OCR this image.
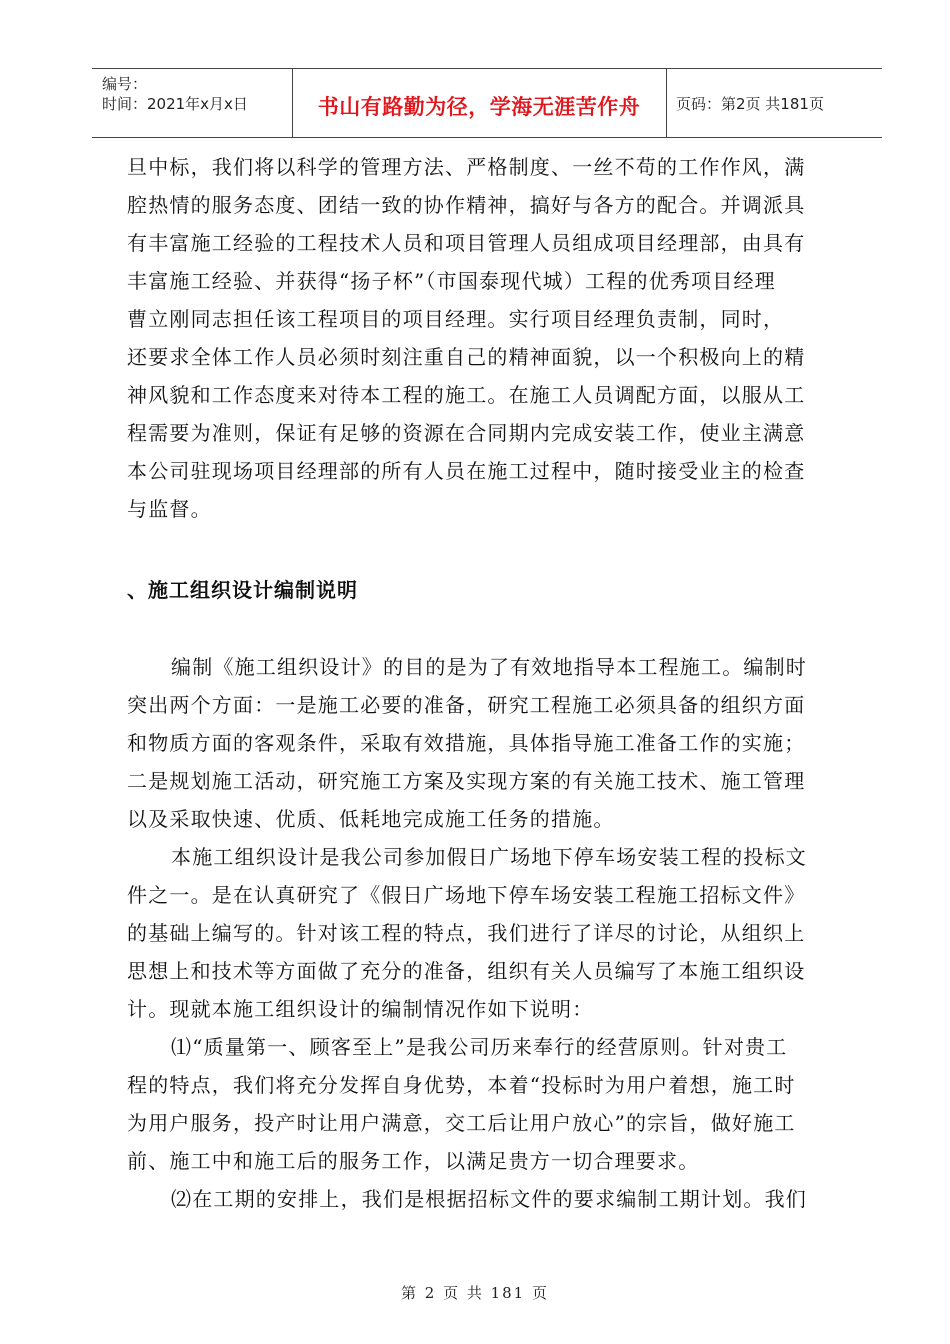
编号：
时间：2021年x月x日	书山有路勤为径，学海无涯苦作舟	页码：第2页 共181页
旦中标，我们将以科学的管理方法、严格制度、一丝不苟的工作作风，满
腔热情的服务态度、团结一致的协作精神，搞好与各方的配合。并调派具
有丰富施工经验的工程技术人员和项目管理人员组成项目经理部，由具有
丰富施工经验、并获得“扬子杯”（市国泰现代城）工程的优秀项目经理
曹立刚同志担任该工程项目的项目经理。实行项目经理负责制，同时，
还要求全体工作人员必须时刻注重自己的精神面貌，以一个积极向上的精
神风貌和工作态度来对待本工程的施工。在施工人员调配方面，以服从工
程需要为准则，保证有足够的资源在合同期内完成安装工作，使业主满意
本公司驻现场项目经理部的所有人员在施工过程中，随时接受业主的检查
与监督。
、施工组织设计编制说明
编制《施工组织设计》的目的是为了有效地指导本工程施工。编制时
突出两个方面：一是施工必要的准备，研究工程施工必须具备的组织方面
和物质方面的客观条件，采取有效措施，具体指导施工准备工作的实施；
二是规划施工活动，研究施工方案及实现方案的有关施工技术、施工管理
以及采取快速、优质、低耗地完成施工任务的措施。
本施工组织设计是我公司参加假日广场地下停车场安装工程的投标文
件之一。是在认真研究了《假日广场地下停车场安装工程施工招标文件》
的基础上编写的。针对该工程的特点，我们进行了详尽的讨论，从组织上
思想上和技术等方面做了充分的准备，组织有关人员编写了本施工组织设
计。现就本施工组织设计的编制情况作如下说明：
⑴“质量第一、顾客至上”是我公司历来奉行的经营原则。针对贵工
程的特点，我们将充分发挥自身优势，本着“投标时为用户着想，施工时
为用户服务，投产时让用户满意，交工后让用户放心”的宗旨，做好施工
前、施工中和施工后的服务工作，以满足贵方一切合理要求。
⑵在工期的安排上，我们是根据招标文件的要求编制工期计划。我们
第 2 页 共 181 页
